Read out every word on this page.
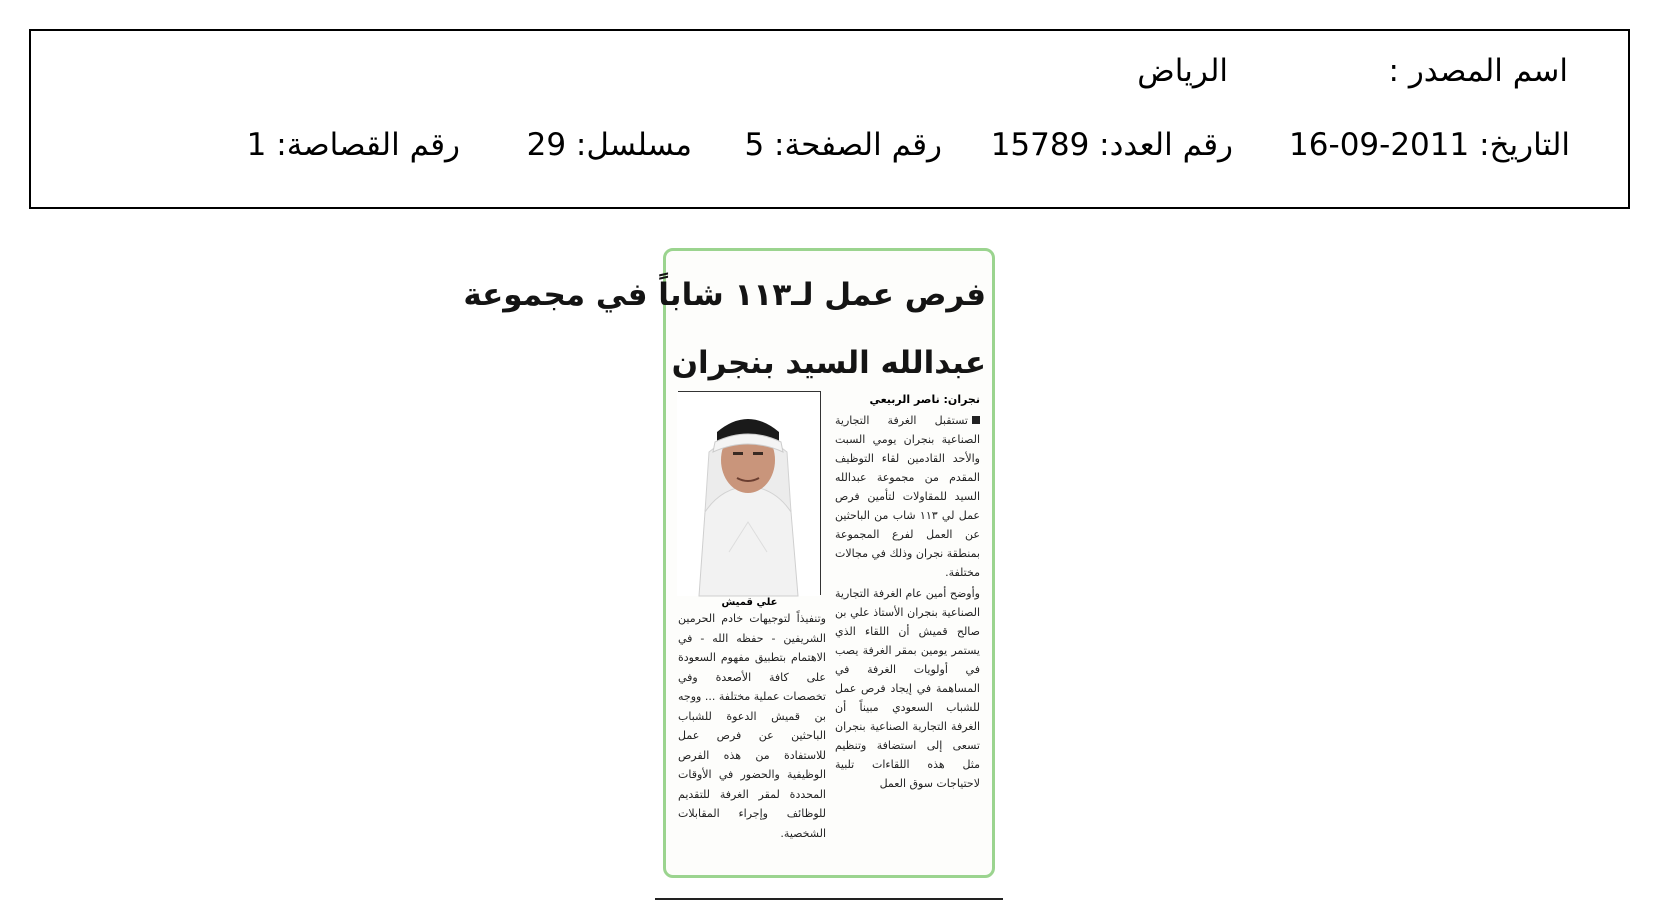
اسم المصدر :
الرياض
التاريخ: 2011-09-16
رقم العدد: 15789
رقم الصفحة: 5
مسلسل: 29
رقم القصاصة: 1
فرص عمل لـ١١٣ شاباً في مجموعة
عبدالله السيد بنجران
نجران: ناصر الربيعي

تستقبل الغرفة التجارية الصناعية بنجران يومي السبت والأحد القادمين لقاء التوظيف المقدم من مجموعة عبدالله السيد للمقاولات لتأمين فرص عمل لي ١١٣ شاب من الباحثين عن العمل لفرع المجموعة بمنطقة نجران وذلك في مجالات مختلفة.

وأوضح أمين عام الغرفة التجارية الصناعية بنجران الأستاذ علي بن صالح قميش أن اللقاء الذي يستمر يومين بمقر الغرفة يصب في أولويات الغرفة في المساهمة في إيجاد فرص عمل للشباب السعودي مبيناً أن الغرفة التجارية الصناعية بنجران تسعى إلى استضافة وتنظيم مثل هذه اللقاءات تلبية لاحتياجات سوق العمل

علي قميش

وتنفيذاً لتوجيهات خادم الحرمين الشريفين - حفظه الله - في الاهتمام بتطبيق مفهوم السعودة على كافة الأصعدة وفي تخصصات عملية مختلفة ... ووجه بن قميش الدعوة للشباب الباحثين عن فرص عمل للاستفادة من هذه الفرص الوظيفية والحضور في الأوقات المحددة لمقر الغرفة للتقديم للوظائف وإجراء المقابلات الشخصية.
